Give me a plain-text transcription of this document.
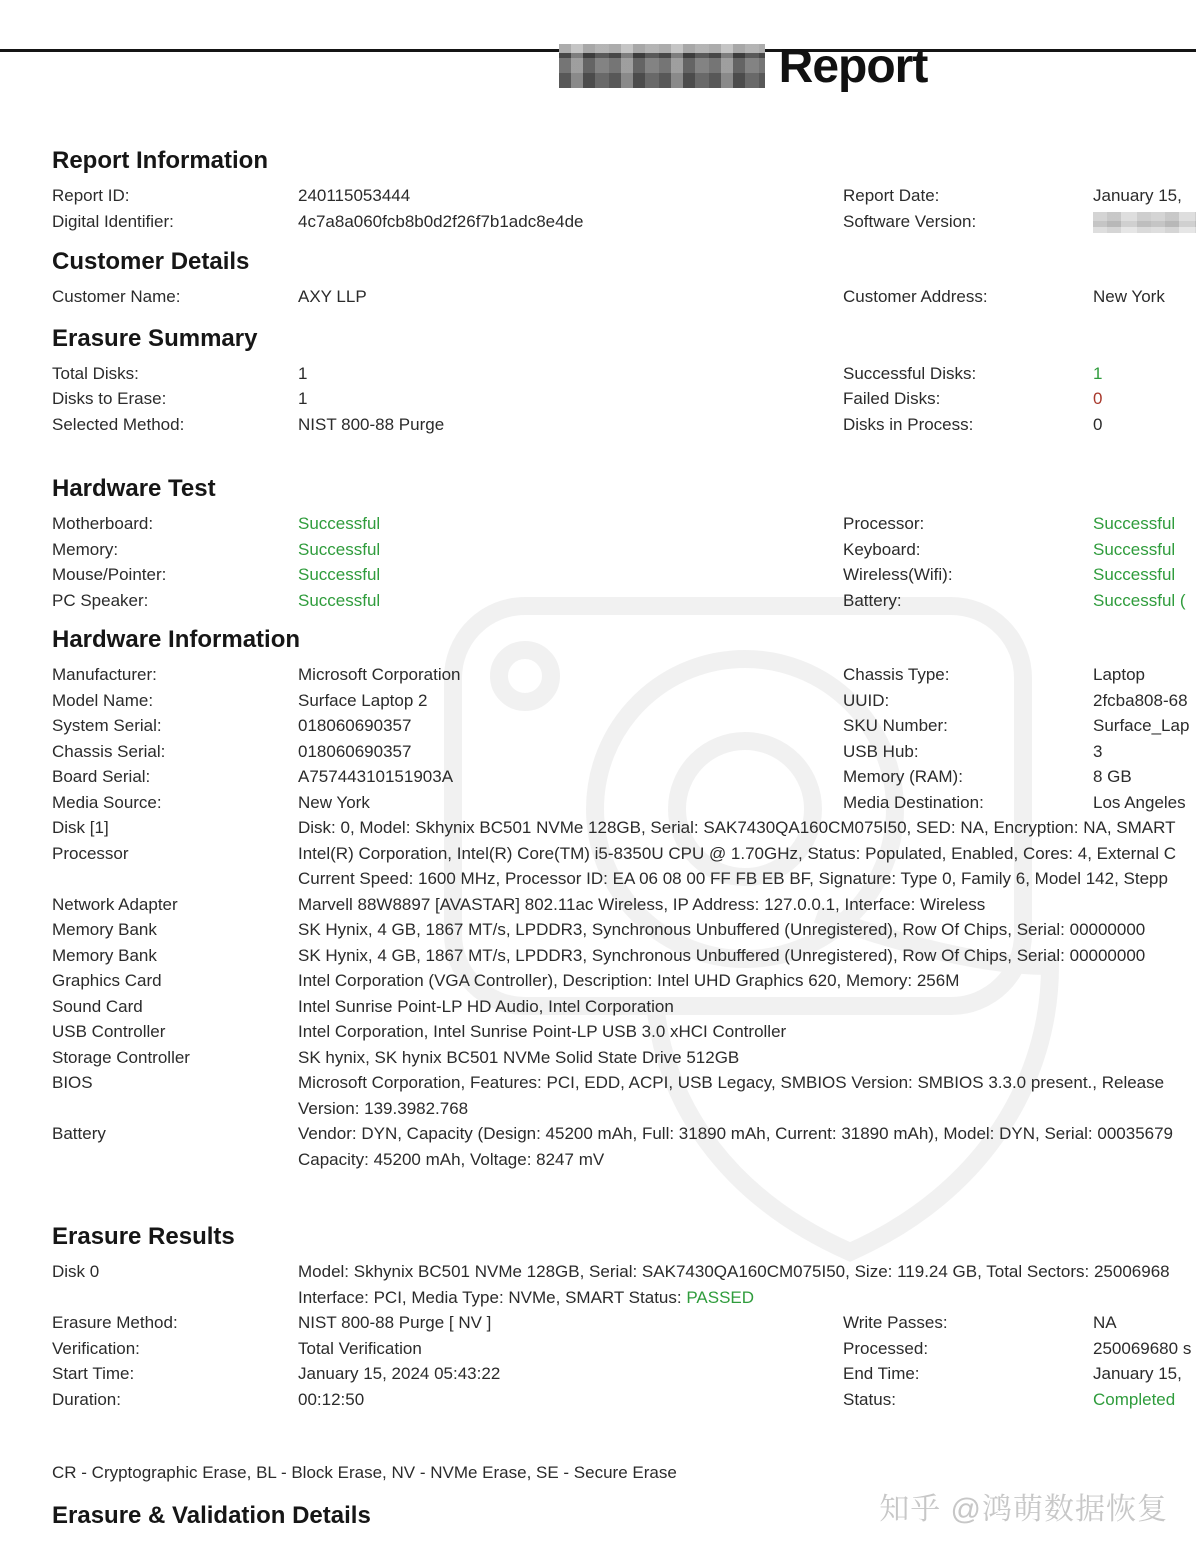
Report
Report Information
Report ID:	240115053444	Report Date:	January 15,
Digital Identifier:	4c7a8a060fcb8b0d2f26f7b1adc8e4de	Software Version:
Customer Details
Customer Name:	AXY LLP	Customer Address:	New York
Erasure Summary
Total Disks:	1	Successful Disks:	1
Disks to Erase:	1	Failed Disks:	0
Selected Method:	NIST 800-88 Purge	Disks in Process:	0
Hardware Test
Motherboard:	Successful	Processor:	Successful
Memory:	Successful	Keyboard:	Successful
Mouse/Pointer:	Successful	Wireless(Wifi):	Successful
PC Speaker:	Successful	Battery:	Successful (
Hardware Information
Manufacturer:	Microsoft Corporation	Chassis Type:	Laptop
Model Name:	Surface Laptop 2	UUID:	2fcba808-68
System Serial:	018060690357	SKU Number:	Surface_Lap
Chassis Serial:	018060690357	USB Hub:	3
Board Serial:	A75744310151903A	Memory (RAM):	8 GB
Media Source:	New York	Media Destination:	Los Angeles
Disk [1]	Disk: 0, Model: Skhynix BC501 NVMe 128GB, Serial: SAK7430QA160CM075I50, SED: NA, Encryption: NA, SMART
Processor	Intel(R) Corporation, Intel(R) Core(TM) i5-8350U CPU @ 1.70GHz, Status: Populated, Enabled, Cores: 4, External C
Current Speed: 1600 MHz, Processor ID: EA 06 08 00 FF FB EB BF, Signature: Type 0, Family 6, Model 142, Stepp
Network Adapter	Marvell 88W8897 [AVASTAR] 802.11ac Wireless, IP Address: 127.0.0.1, Interface: Wireless
Memory Bank	SK Hynix, 4 GB, 1867 MT/s, LPDDR3, Synchronous Unbuffered (Unregistered), Row Of Chips, Serial: 00000000
Memory Bank	SK Hynix, 4 GB, 1867 MT/s, LPDDR3, Synchronous Unbuffered (Unregistered), Row Of Chips, Serial: 00000000
Graphics Card	Intel Corporation (VGA Controller), Description: Intel UHD Graphics 620, Memory: 256M
Sound Card	Intel Sunrise Point-LP HD Audio, Intel Corporation
USB Controller	Intel Corporation, Intel Sunrise Point-LP USB 3.0 xHCI Controller
Storage Controller	SK hynix, SK hynix BC501 NVMe Solid State Drive 512GB
BIOS	Microsoft Corporation, Features: PCI, EDD, ACPI, USB Legacy, SMBIOS Version: SMBIOS 3.3.0 present., Release
Version: 139.3982.768
Battery	Vendor: DYN, Capacity (Design: 45200 mAh, Full: 31890 mAh, Current: 31890 mAh), Model: DYN, Serial: 00035679
Capacity: 45200 mAh, Voltage: 8247 mV
Erasure Results
Disk 0	Model: Skhynix BC501 NVMe 128GB, Serial: SAK7430QA160CM075I50, Size: 119.24 GB, Total Sectors: 25006968
Interface: PCI, Media Type: NVMe, SMART Status: PASSED
Erasure Method:	NIST 800-88 Purge [ NV ]	Write Passes:	NA
Verification:	Total Verification	Processed:	250069680 s
Start Time:	January 15, 2024 05:43:22	End Time:	January 15,
Duration:	00:12:50	Status:	Completed
CR - Cryptographic Erase, BL - Block Erase, NV - NVMe Erase, SE - Secure Erase
Erasure & Validation Details	知乎 @鸿萌数据恢复
